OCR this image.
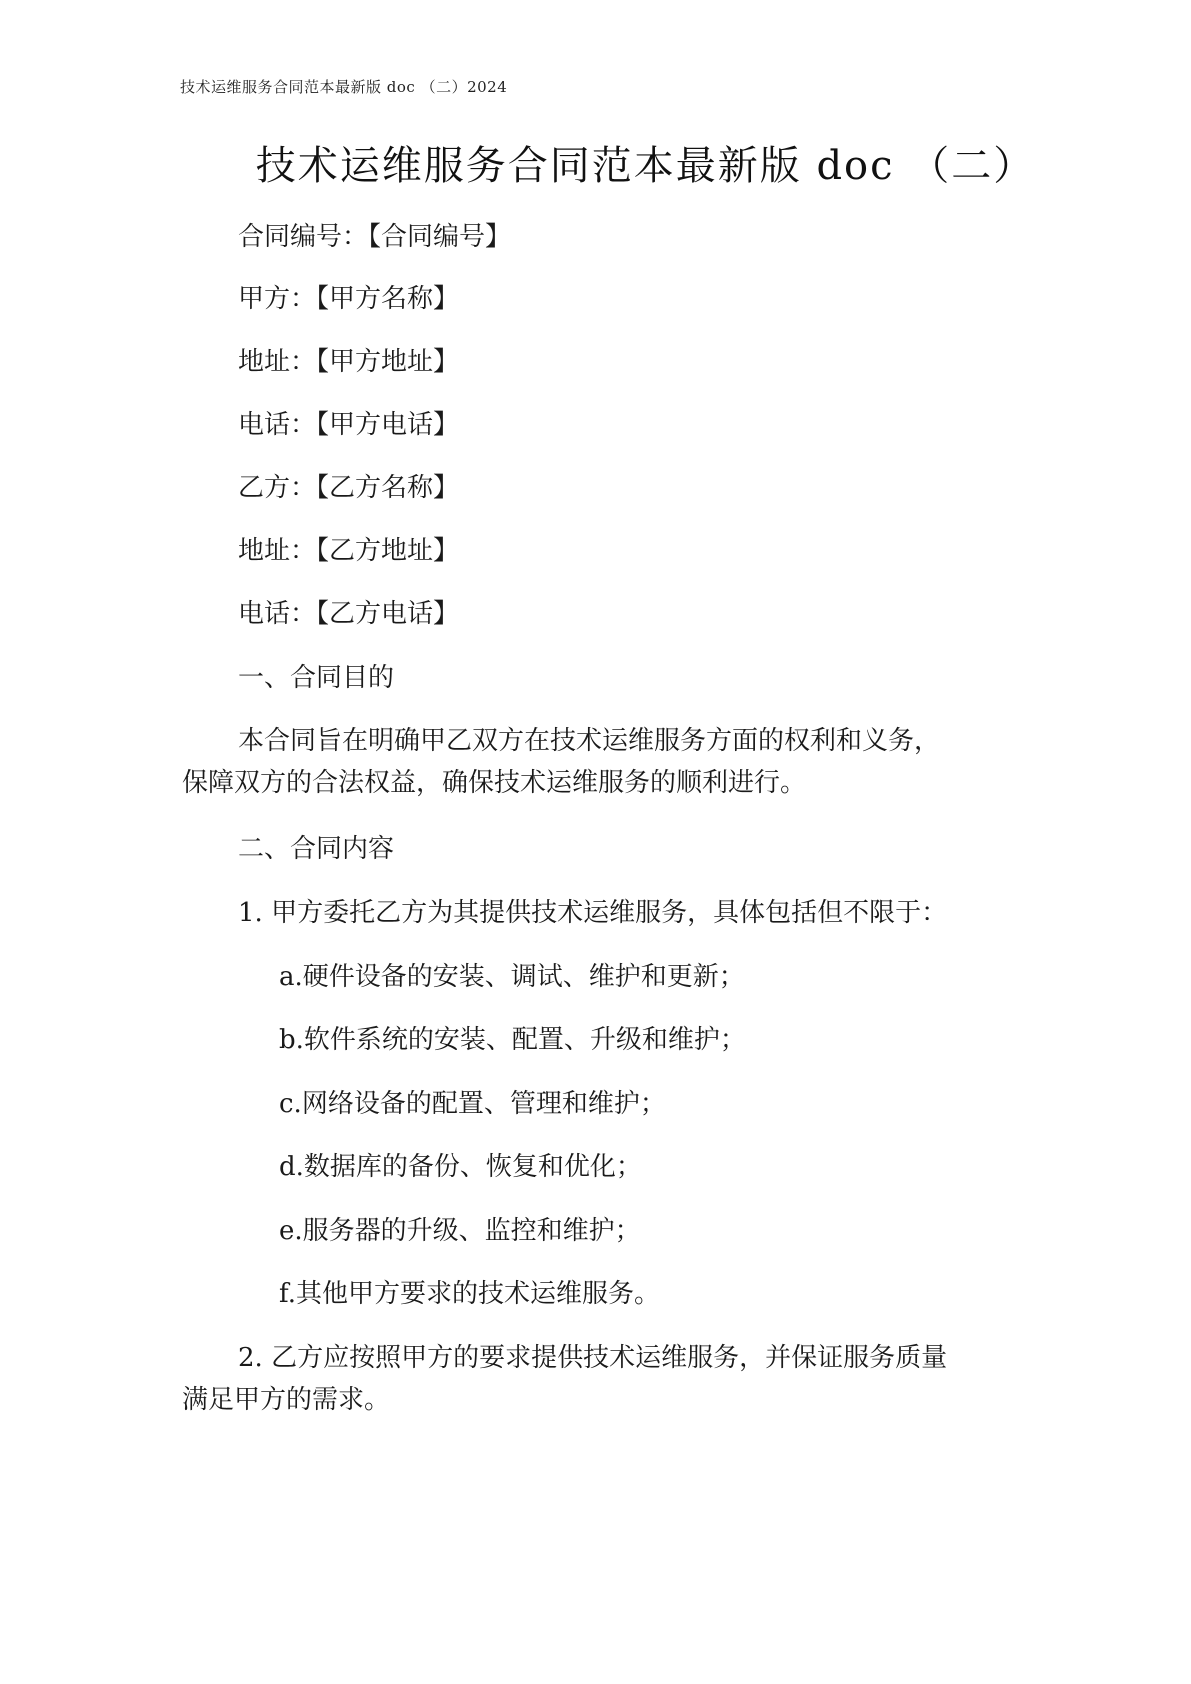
技术运维服务合同范本最新版 doc （二）2024
技术运维服务合同范本最新版 doc （二）
合同编号：【合同编号】
甲方：【甲方名称】
地址：【甲方地址】
电话：【甲方电话】
乙方：【乙方名称】
地址：【乙方地址】
电话：【乙方电话】
一、合同目的
本合同旨在明确甲乙双方在技术运维服务方面的权利和义务，
保障双方的合法权益，确保技术运维服务的顺利进行。
二、合同内容
1. 甲方委托乙方为其提供技术运维服务，具体包括但不限于：
a.硬件设备的安装、调试、维护和更新；
b.软件系统的安装、配置、升级和维护；
c.网络设备的配置、管理和维护；
d.数据库的备份、恢复和优化；
e.服务器的升级、监控和维护；
f.其他甲方要求的技术运维服务。
2. 乙方应按照甲方的要求提供技术运维服务，并保证服务质量
满足甲方的需求。
